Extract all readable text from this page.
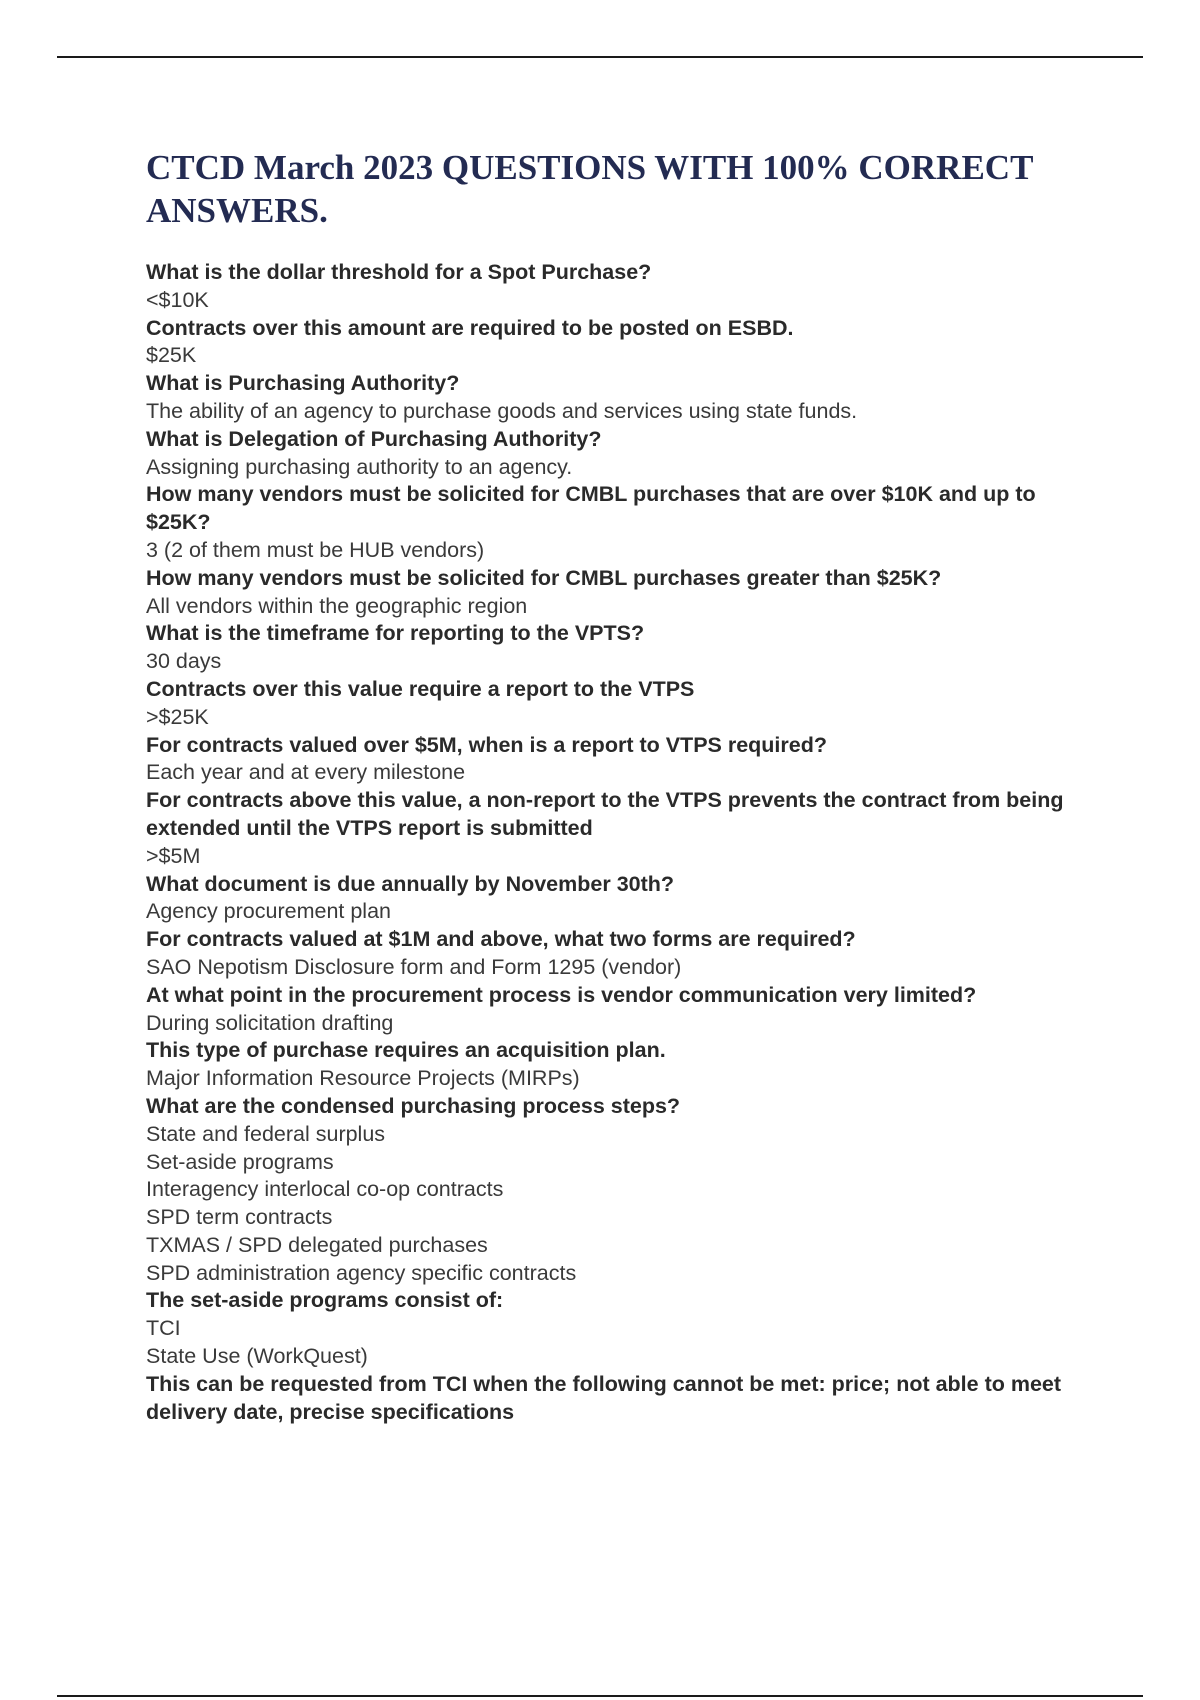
CTCD March 2023 QUESTIONS WITH 100% CORRECT ANSWERS.
What is the dollar threshold for a Spot Purchase?
<$10K
Contracts over this amount are required to be posted on ESBD.
$25K
What is Purchasing Authority?
The ability of an agency to purchase goods and services using state funds.
What is Delegation of Purchasing Authority?
Assigning purchasing authority to an agency.
How many vendors must be solicited for CMBL purchases that are over $10K and up to $25K?
3 (2 of them must be HUB vendors)
How many vendors must be solicited for CMBL purchases greater than $25K?
All vendors within the geographic region
What is the timeframe for reporting to the VPTS?
30 days
Contracts over this value require a report to the VTPS
>$25K
For contracts valued over $5M, when is a report to VTPS required?
Each year and at every milestone
For contracts above this value, a non-report to the VTPS prevents the contract from being extended until the VTPS report is submitted
>$5M
What document is due annually by November 30th?
Agency procurement plan
For contracts valued at $1M and above, what two forms are required?
SAO Nepotism Disclosure form and Form 1295 (vendor)
At what point in the procurement process is vendor communication very limited?
During solicitation drafting
This type of purchase requires an acquisition plan.
Major Information Resource Projects (MIRPs)
What are the condensed purchasing process steps?
State and federal surplus
Set-aside programs
Interagency interlocal co-op contracts
SPD term contracts
TXMAS / SPD delegated purchases
SPD administration agency specific contracts
The set-aside programs consist of:
TCI
State Use (WorkQuest)
This can be requested from TCI when the following cannot be met: price; not able to meet delivery date, precise specifications
